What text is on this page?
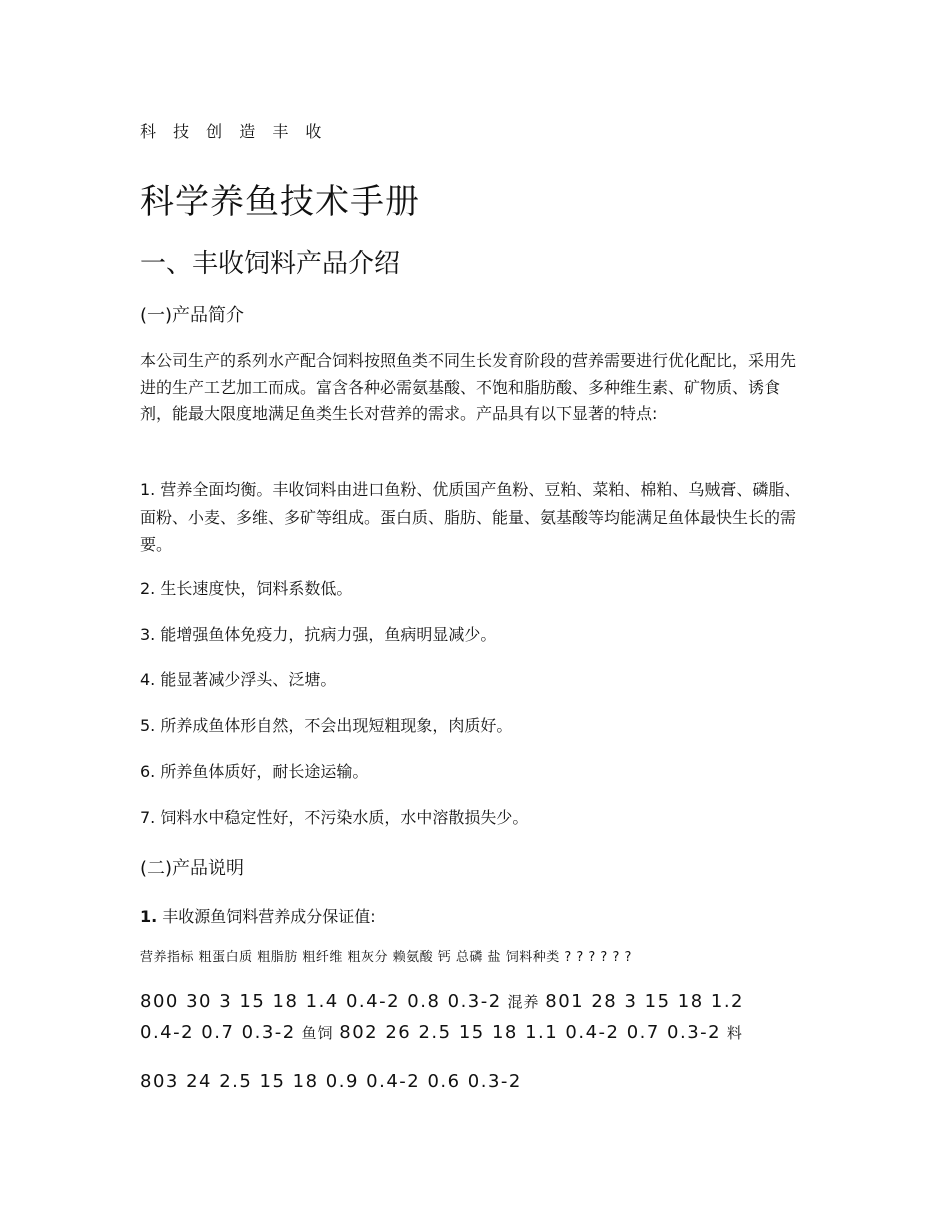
科 技 创 造 丰 收
科学养鱼技术手册
一、丰收饲料产品介绍
(一)产品简介

本公司生产的系列水产配合饲料按照鱼类不同生长发育阶段的营养需要进行优化配比，采用先进的生产工艺加工而成。富含各种必需氨基酸、不饱和脂肪酸、多种维生素、矿物质、诱食剂，能最大限度地满足鱼类生长对营养的需求。产品具有以下显著的特点:

1. 营养全面均衡。丰收饲料由进口鱼粉、优质国产鱼粉、豆粕、菜粕、棉粕、乌贼膏、磷脂、面粉、小麦、多维、多矿等组成。蛋白质、脂肪、能量、氨基酸等均能满足鱼体最快生长的需要。

2. 生长速度快，饲料系数低。

3. 能增强鱼体免疫力，抗病力强，鱼病明显减少。

4. 能显著减少浮头、泛塘。

5. 所养成鱼体形自然，不会出现短粗现象，肉质好。

6. 所养鱼体质好，耐长途运输。

7. 饲料水中稳定性好，不污染水质，水中溶散损失少。

(二)产品说明

1. 丰收源鱼饲料营养成分保证值:

营养指标 粗蛋白质 粗脂肪 粗纤维 粗灰分 赖氨酸 钙 总磷 盐 饲料种类 ? ? ? ? ? ?
800 30 3 15 18 1.4 0.4-2 0.8 0.3-2 混养 801 28 3 15 18 1.2
0.4-2 0.7 0.3-2 鱼饲 802 26 2.5 15 18 1.1 0.4-2 0.7 0.3-2 料
803 24 2.5 15 18 0.9 0.4-2 0.6 0.3-2
